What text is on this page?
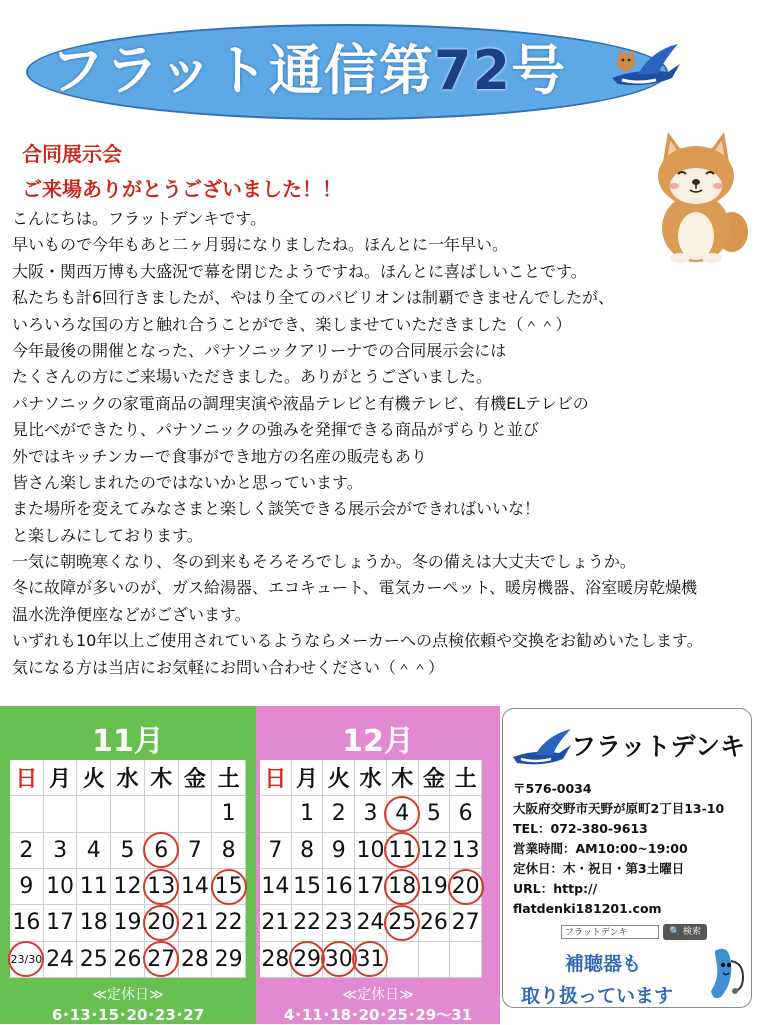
フラット通信第72号
合同展示会
ご来場ありがとうございました！！
こんにちは。フラットデンキです。
早いもので今年もあと二ヶ月弱になりましたね。ほんとに一年早い。
大阪・関西万博も大盛況で幕を閉じたようですね。ほんとに喜ばしいことです。
私たちも計6回行きましたが、やはり全てのパビリオンは制覇できませんでしたが、
いろいろな国の方と触れ合うことができ、楽しませていただきました（＾＾）
今年最後の開催となった、パナソニックアリーナでの合同展示会には
たくさんの方にご来場いただきました。ありがとうございました。
パナソニックの家電商品の調理実演や液晶テレビと有機テレビ、有機ELテレビの
見比べができたり、パナソニックの強みを発揮できる商品がずらりと並び
外ではキッチンカーで食事ができ地方の名産の販売もあり
皆さん楽しまれたのではないかと思っています。
また場所を変えてみなさまと楽しく談笑できる展示会ができればいいな！
と楽しみにしております。
一気に朝晩寒くなり、冬の到来もそろそろでしょうか。冬の備えは大丈夫でしょうか。
冬に故障が多いのが、ガス給湯器、エコキュート、電気カーペット、暖房機器、浴室暖房乾燥機
温水洗浄便座などがございます。
いずれも10年以上ご使用されているようならメーカーへの点検依頼や交換をお勧めいたします。
気になる方は当店にお気軽にお問い合わせください（＾＾）
11月
日 月 火 水 木 金 土
1
2 3 4 5 6 7 8
9 10 11 12 13 14 15
16 17 18 19 20 21 22
23/30 24 25 26 27 28 29
≪定休日≫
6･13･15･20･23･27
12月
日 月 火 水 木 金 土
1 2 3 4 5 6
7 8 9 10 11 12 13
14 15 16 17 18 19 20
21 22 23 24 25 26 27
28 29 30 31
≪定休日≫
4･11･18･20･25･29～31
フラットデンキ
〒576-0034
大阪府交野市天野が原町2丁目13-10
TEL：072-380-9613
営業時間：AM10:00~19:00
定休日：木・祝日・第3土曜日
URL：http://
flatdenki181201.com
フラットデンキ	🔍 検索
補聴器も
取り扱っています
